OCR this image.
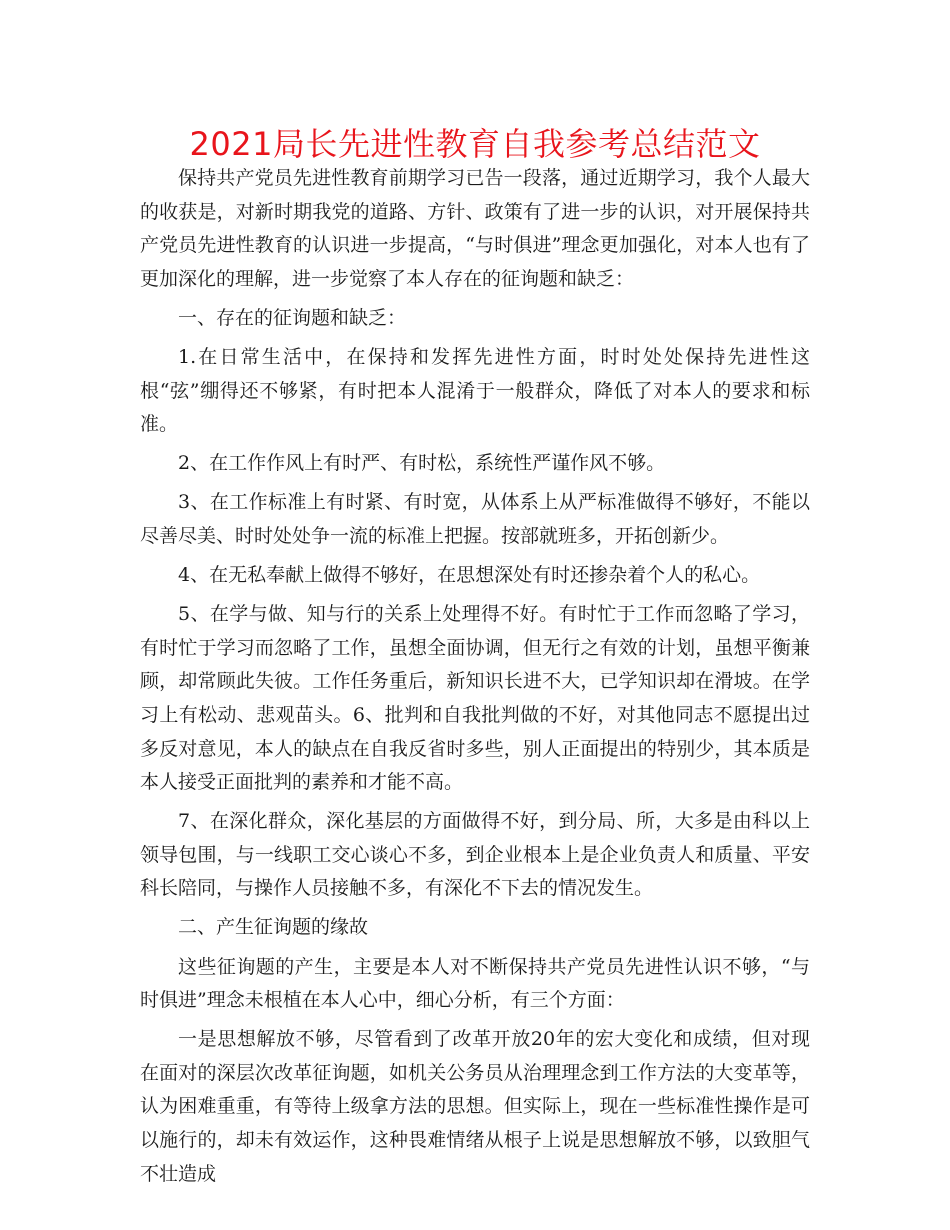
2021局长先进性教育自我参考总结范文

保持共产党员先进性教育前期学习已告一段落，通过近期学习，我个人最大的收获是，对新时期我党的道路、方针、政策有了进一步的认识，对开展保持共产党员先进性教育的认识进一步提高，“与时俱进”理念更加强化，对本人也有了更加深化的理解，进一步觉察了本人存在的征询题和缺乏：

一、存在的征询题和缺乏：

1.在日常生活中，在保持和发挥先进性方面，时时处处保持先进性这根“弦”绷得还不够紧，有时把本人混淆于一般群众，降低了对本人的要求和标准。

2、在工作作风上有时严、有时松，系统性严谨作风不够。

3、在工作标准上有时紧、有时宽，从体系上从严标准做得不够好，不能以尽善尽美、时时处处争一流的标准上把握。按部就班多，开拓创新少。

4、在无私奉献上做得不够好，在思想深处有时还掺杂着个人的私心。

5、在学与做、知与行的关系上处理得不好。有时忙于工作而忽略了学习，有时忙于学习而忽略了工作，虽想全面协调，但无行之有效的计划，虽想平衡兼顾，却常顾此失彼。工作任务重后，新知识长进不大，已学知识却在滑坡。在学习上有松动、悲观苗头。6、批判和自我批判做的不好，对其他同志不愿提出过多反对意见，本人的缺点在自我反省时多些，别人正面提出的特别少，其本质是本人接受正面批判的素养和才能不高。

7、在深化群众，深化基层的方面做得不好，到分局、所，大多是由科以上领导包围，与一线职工交心谈心不多，到企业根本上是企业负责人和质量、平安科长陪同，与操作人员接触不多，有深化不下去的情况发生。

二、产生征询题的缘故

这些征询题的产生，主要是本人对不断保持共产党员先进性认识不够，“与时俱进”理念未根植在本人心中，细心分析，有三个方面：

一是思想解放不够，尽管看到了改革开放20年的宏大变化和成绩，但对现在面对的深层次改革征询题，如机关公务员从治理理念到工作方法的大变革等，认为困难重重，有等待上级拿方法的思想。但实际上，现在一些标准性操作是可以施行的，却未有效运作，这种畏难情绪从根子上说是思想解放不够，以致胆气不壮造成
